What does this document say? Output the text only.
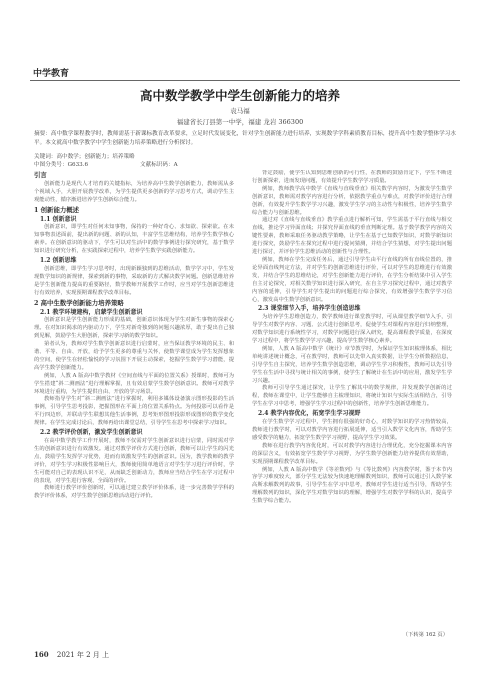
中学教育
高中数学教学中学生创新能力的培养
袁马福
福建省长汀县第一中学，福建 龙岩 366300
摘要：高中数学课程教学时，教师需基于新课标教育改革要求，立足时代发展变化，针对学生创新能力进行培养，实现数学学科素质教育目标，提升高中生数学整体学习水平。本文就高中数学教学中学生创新能力培养策略进行分析探讨。
关键词：高中数学；创新能力；培养策略
中图分类号：G633.6	文献标识码：A
引言

创新能力是现代人才培育的关键指标，为培养高中生数学创新能力，教师需从多个视域入手，大胆开展教学改革，为学生提供更多创新的学习思考方式，调动学生主观能动性，循序渐进培养学生创新综合能力。

1 创新能力概述
1.1 创新意识

创新意识，即学生对任何未知事物，保持的一种好奇心、求知欲、探索欲。在未知事物表述面前，提出新的问题、新的认知，丰富学生思维结构，培养学生数学核心素养。在创新意识的驱动下，学生可以对生活中的数学事例进行探究研究，基于数学知识进行研究分析，在实践探索过程中，培养学生数学实践创新能力。

1.2 创新思维

创新思维，即学生学习思考时，出现新颖独到的思维活动，数学学习中，学生发现数学知识的新规律，探索到新的事物，采取新的方式解决数学问题。创新思维培养是学生创新能力提高的重要路径，数学教师开展教学工作时，应当对学生创新思维进行有效培养，实现预期课程教学改革目标。

2 高中生数学创新能力培养策略
2.1 教学环境建构，启蒙学生创新意识

创新意识是学生创新能力形成的基础，创新意识体现为学生对新生事物的探索心理。在对知识渴求的内驱动力下，学生对新奇独到的问题兴趣浓厚，敢于提出自己独到见解，鼓励学生大胆创新，探索学习新的数学知识。

第者认为，教师对学生数学创新意识进行启蒙时，应当保证教学环境的民主、和谐、平等、自由、开放，给予学生更多的尊重与关怀，使数学课堂成为学生发挥想象的空间，使学生在轻松愉悦的学习氛围下开展主动探索，挖掘学生数学学习潜能，提高学生数学创新能力。

例如，人教 A 版高中数学教材《空间直线与平面的位置关系》授课时，教师可为学生搭建“斜二测画法”进行理解掌握，且有效启蒙学生数学创新意识。教师可对教学环境进行重构，为学生提供自由、开放的学习场景。

教师指导学生对“斜二测画法”进行掌握时，利用多媒体设备演示图形投影的生活事例，引导学生思考投影，把握图形在平面上的位置关系特点。为何投影可以看作是平行四边形，并联动学生联想其他生活事例，思考矩形图形投影形成图形的数学变化规律。在学生完成讨论后，教师再给出课堂总结，引导学生在思考中探索学习知识。

2.2 教学评价创新，激发学生创新意识

在高中数学教学工作开展时，教师不仅需对学生创新意识进行启蒙，同时需对学生的创新意识进行有效激发。通过对教学评价方式进行创新，教师可以让学生的闪光点，鼓励学生发挥学习优势，进而有效激发学生的创新意识。因为，教学教师的教学评价，对学生学习积极性影响巨大，教师使用简单地语言对学生学习进行评价时，学生可能对自己的表现认识不足，从而缺乏创新动力，教师应当结合学生在学习过程中的表现，对学生进行客观、全面的评价。

教师进行教学评价创新时，可以通过建立教学评价体系，进一步完善数学学科的教学评价体系，对学生数学创新思维活动进行评价。

背定鼓励，使学生认知到思维创新的可行性，在教师的鼓励肯定下，学生不断进行创新探索，进而发现问题，有效提升学生数学学习质量。

例如，教师教学高中数学《直线与直线垂直》相关数学内容时，为激发学生数学创新意识，教师需对教学内容进行分析，依据教学重点与难点，对教学评价进行合理创新，有效提升学生数学学习兴趣，激发学生学习的主动性与积极性，培养学生数学综合能力与创新思维。

通过对《直线与直线垂直》教学重点进行解析可知，学生需基于平行直线与相交直线，推论学习异面直线；并探究异面直线的垂直判断定理。基于数学教学内容的关键性要素，教师采取任务驱动教学策略，让学生在基于已知数学知识，对数学新知识进行探究，鼓励学生在探究过程中进行提问猜测，并结合学生猜想，对学生提出问题进行探讨，并评价学生思维活动的创新性与合理性。

例如，教师在学生完成任务后，通过引导学生由平行直线的所有直线位置的，推论异面直线判定方法，并对学生的创新思维进行评价，可以对学生的思维进行有效激发，并结合学生的思维结论，对学生创新能力进行评价，在学生分析结果中引入学生自主讨论探究，对相关数学知识进行深入研究，在自主学习探究过程中，通过对教学内容的延伸，引导学生对学生提出的问题进行综合探究，有效增强学生数学学习信心，激发高中生数学创新意识。

2.3 课堂细节入手，培养学生创造思维

为培养学生思维创造力，数学教师进行课堂教学时，可从课堂教学细节入手，引导学生对数学内容、习题、公式进行创新思考，促使学生对课程内容进行归纳整理，对数学知识进行系统性学习，对数学问题进行深入研究，提高课程教学质量，在深度学习过程中，将学生数学学习兴趣，提高学生数学核心素养。

例如，人教 A 版高中数学《统计》章节教学时，为保证学生知识梳理体系，相比单纯讲述统计概念，可在教学时，教师可以先带入真实数据，让学生分析数据信息，引导学生自主探究，培养学生数学创造思维，调动学生学习积极性，教师可以先引导学生在生活中寻找与统计相关的事例，使学生了解统计在生活中的应用，激发学生学习兴趣。

教师可引导学生通过探究，让学生了解其中的数学规律，并发现数学创新的过程，教师在课堂中，让学生能够自主梳理知识，将统计知识与实际生活相结合，引导学生在学习中思考，增强学生学习过程中的创新性，培养学生创新思维能力。

2.4 教学内容优化，拓宽学生学习视野

在学生数学学习过程中，学生拥有很强的好奇心，对数学知识的学习热情较高，教师进行教学时，可以对教学内容进行拓展延伸，适当引入数学文化内容，帮助学生感受数学的魅力，拓宽学生数学学习视野，提高学生学习效果。

教师在进行教学内容优化时，可以对教学内容进行合理优化，充分挖掘课本内容的深层含义，有效拓宽学生数学学习视野，为学生数学创新能力培养提供有效帮助，实现预期课程教学改革目标。

例如，人教 A 版高中数学《等差数列》与《等比数列》内容教学时，鉴于本节内容学习难度较大，部分学生无法较为快速地理解数列知识，教师可以通过引入数学家高斯求解数列的故事，引导学生在学习中思考，教师对学生进行适当引导，帮助学生理解数列的知识，深化学生对数学知识的理解，增强学生对数学学科的认识，提高学生数学综合能力。

（下转第 162 页）
160 2021 年 2 月 上
